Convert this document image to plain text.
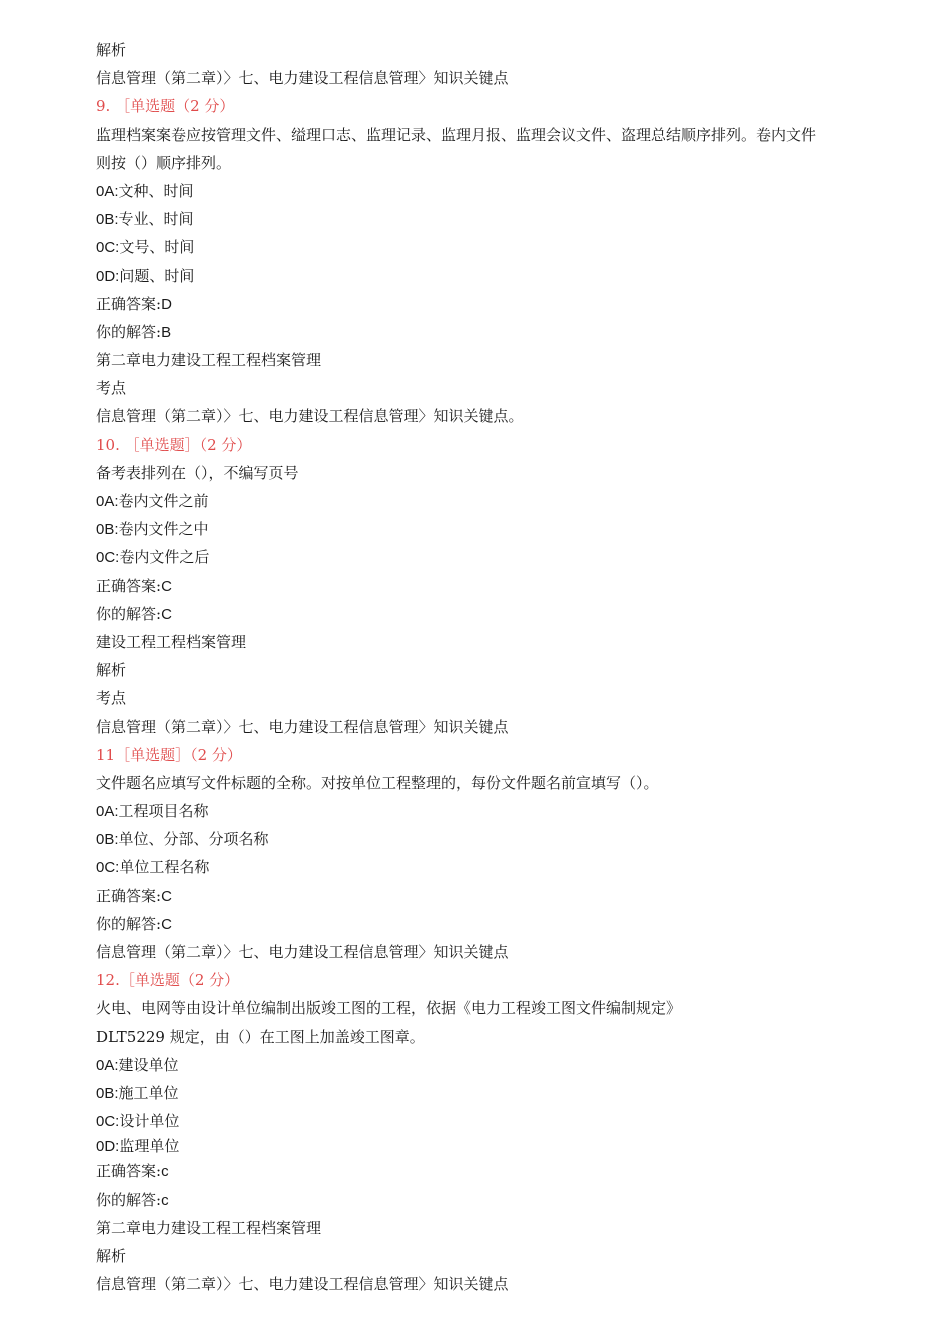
解析
信息管理（第二章）〉七、电力建设工程信息管理〉知识关键点
9. ［单选题（2 分）
监理档案案卷应按管理文件、缢理口志、监理记录、监理月报、监理会议文件、盗理总结顺序排列。卷内文件
则按（）顺序排列。
0A:文种、时间
0B:专业、时间
0C:文号、时间
0D:问题、时间
正确答案:D
你的解答:B
第二章电力建设工程工程档案管理
考点
信息管理（第二章）〉七、电力建设工程信息管理〉知识关键点。
10. ［单选题］（2 分）
备考表排列在（），不编写页号
0A:卷内文件之前
0B:卷内文件之中
0C:卷内文件之后
正确答案:C
你的解答:C
建设工程工程档案管理
解析
考点
信息管理（第二章）〉七、电力建设工程信息管理〉知识关键点
11［单选题］（2 分）
文件题名应填写文件标题的全称。对按单位工程整理的，每份文件题名前宣填写（）。
0A:工程项目名称
0B:单位、分部、分项名称
0C:单位工程名称
正确答案:C
你的解答:C
信息管理（第二章）〉七、电力建设工程信息管理〉知识关键点
12.［单选题（2 分）
火电、电网等由设计单位编制出版竣工图的工程，依据《电力工程竣工图文件编制规定》
DLT5229 规定，由（）在工图上加盖竣工图章。
0A:建设单位
0B:施工单位
0C:设计单位
0D:监理单位
正确答案:c
你的解答:c
第二章电力建设工程工程档案管理
解析
信息管理（第二章）〉七、电力建设工程信息管理〉知识关键点
